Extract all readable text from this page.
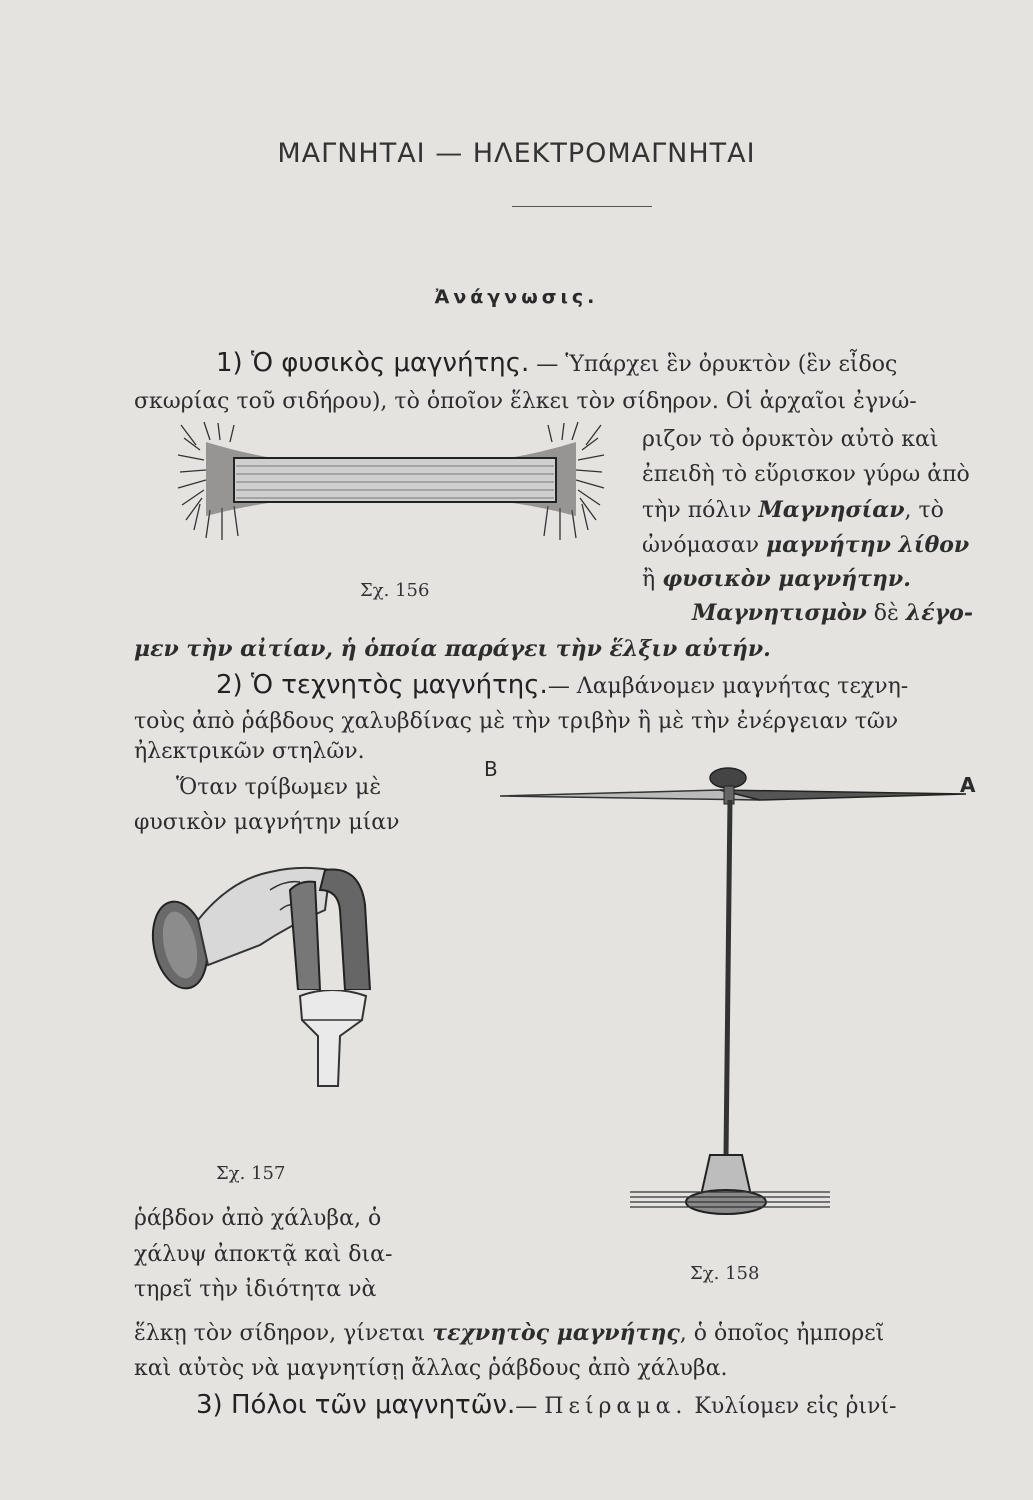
ΜΑΓΝΗΤΑΙ — ΗΛΕΚΤΡΟΜΑΓΝΗΤΑΙ
Ἀνάγνωσις.
1) Ὁ φυσικὸς μαγνήτης. — Ὑπάρχει ἓν ὀρυκτὸν (ἓν εἶδος
σκωρίας τοῦ σιδήρου), τὸ ὁποῖον ἕλκει τὸν σίδηρον. Οἱ ἀρχαῖοι ἐγνώ-
ριζον τὸ ὀρυκτὸν αὐτὸ καὶ
ἐπειδὴ τὸ εὕρισκον γύρω ἀπὸ
τὴν πόλιν Μαγνησίαν, τὸ
ὠνόμασαν μαγνήτην λίθον
ἢ φυσικὸν μαγνήτην.
Μαγνητισμὸν δὲ λέγο-
μεν τὴν αἰτίαν, ἡ ὁποία παράγει τὴν ἕλξιν αὐτήν.
Σχ. 156
2) Ὁ τεχνητὸς μαγνήτης.— Λαμβάνομεν μαγνήτας τεχνη-
τοὺς ἀπὸ ῥάβδους χαλυβδίνας μὲ τὴν τριβὴν ἢ μὲ τὴν ἐνέργειαν τῶν
ἠλεκτρικῶν στηλῶν.
Ὅταν τρίβωμεν μὲ
φυσικὸν μαγνήτην μίαν
Σχ. 157
B
A
Σχ. 158
ῥάβδον ἀπὸ χάλυβα, ὁ
χάλυψ ἀποκτᾷ καὶ δια-
τηρεῖ τὴν ἰδιότητα νὰ
ἕλκῃ τὸν σίδηρον, γίνεται τεχνητὸς μαγνήτης, ὁ ὁποῖος ἠμπορεῖ
καὶ αὐτὸς νὰ μαγνητίσῃ ἄλλας ῥάβδους ἀπὸ χάλυβα.
3) Πόλοι τῶν μαγνητῶν.— Πείραμα. Κυλίομεν εἰς ῥινί-
